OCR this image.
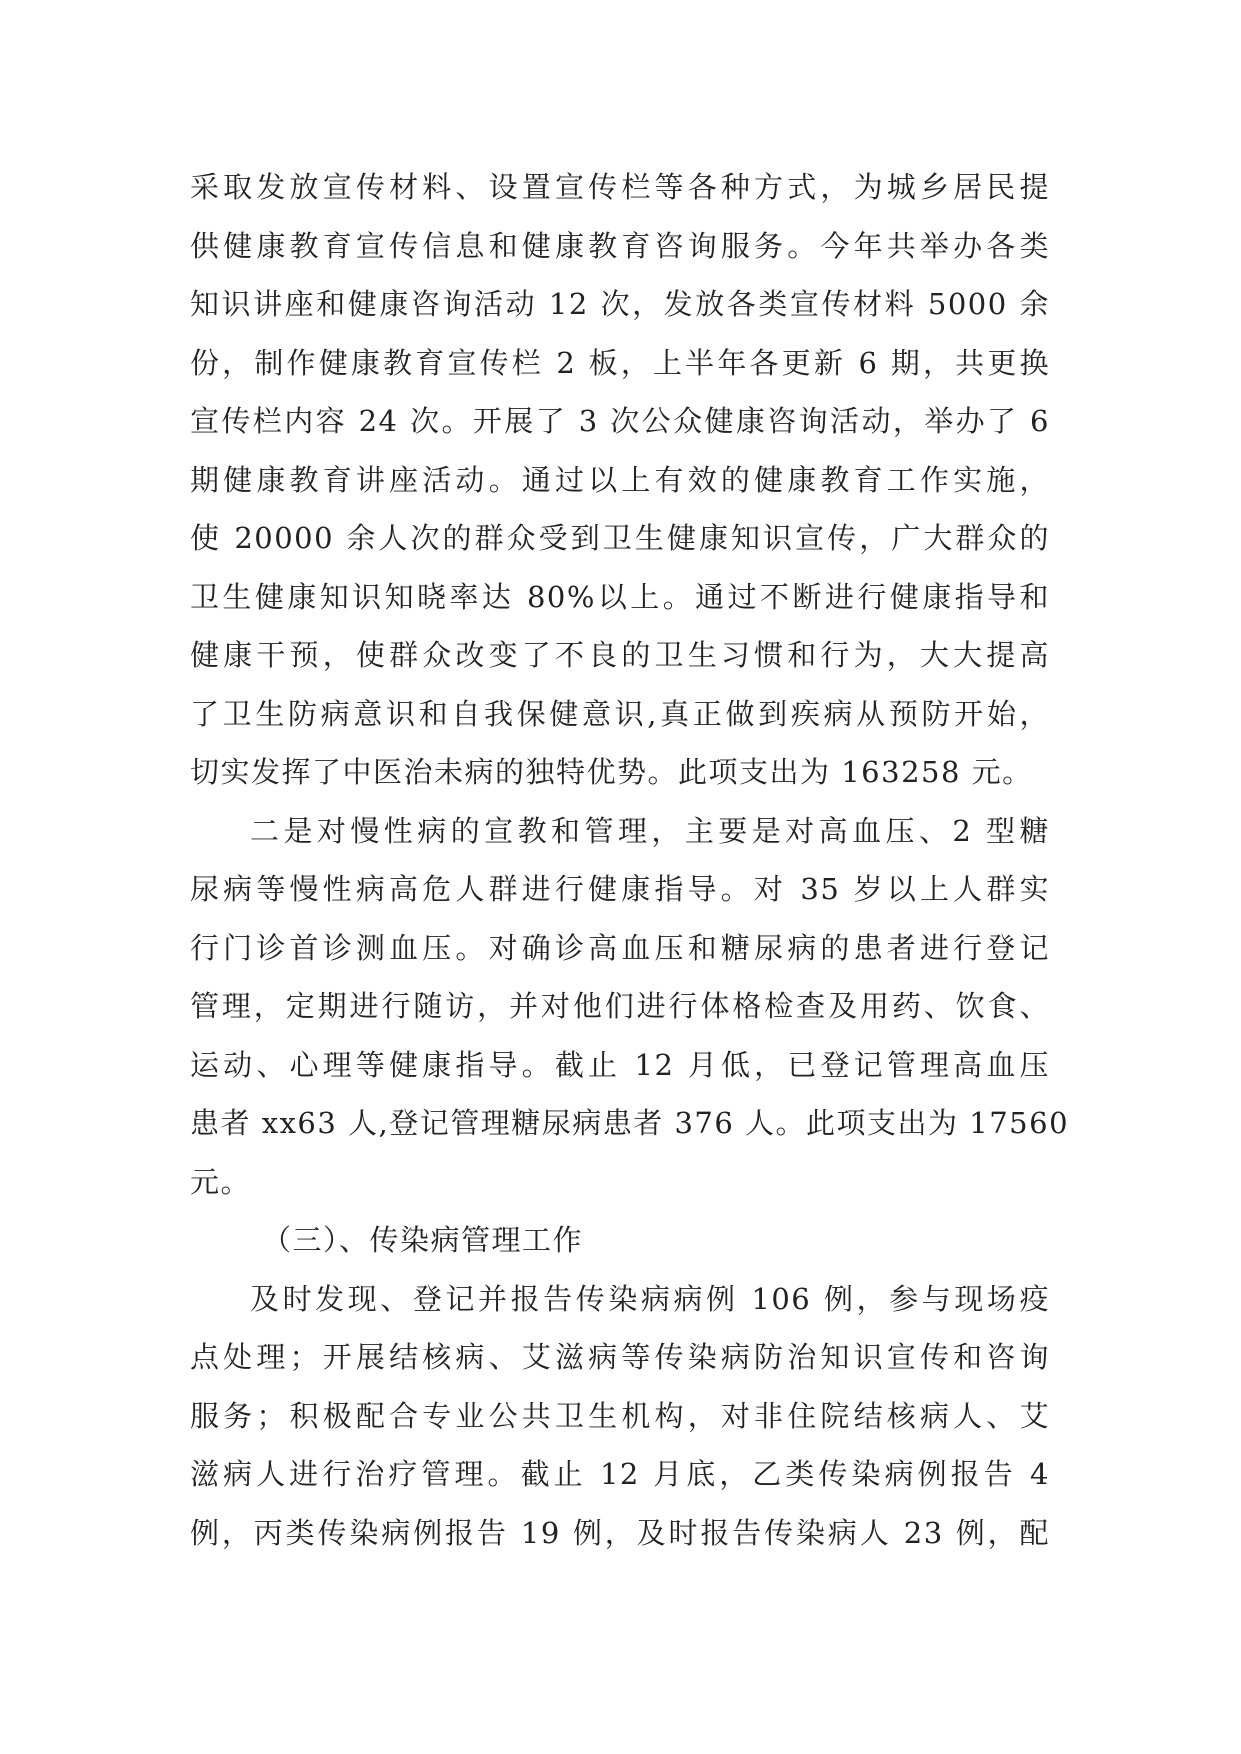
采取发放宣传材料、设置宣传栏等各种方式，为城乡居民提
供健康教育宣传信息和健康教育咨询服务。今年共举办各类
知识讲座和健康咨询活动 12 次，发放各类宣传材料 5000 余
份，制作健康教育宣传栏 2 板，上半年各更新 6 期，共更换
宣传栏内容 24 次。开展了 3 次公众健康咨询活动，举办了 6
期健康教育讲座活动。通过以上有效的健康教育工作实施，
使 20000 余人次的群众受到卫生健康知识宣传，广大群众的
卫生健康知识知晓率达 80%以上。通过不断进行健康指导和
健康干预，使群众改变了不良的卫生习惯和行为，大大提高
了卫生防病意识和自我保健意识,真正做到疾病从预防开始，
切实发挥了中医治未病的独特优势。此项支出为 163258 元。
二是对慢性病的宣教和管理，主要是对高血压、2 型糖
尿病等慢性病高危人群进行健康指导。对 35 岁以上人群实
行门诊首诊测血压。对确诊高血压和糖尿病的患者进行登记
管理，定期进行随访，并对他们进行体格检查及用药、饮食、
运动、心理等健康指导。截止 12 月低，已登记管理高血压
患者 xx63 人,登记管理糖尿病患者 376 人。此项支出为 17560
元。
（三）、传染病管理工作
及时发现、登记并报告传染病病例 106 例，参与现场疫
点处理；开展结核病、艾滋病等传染病防治知识宣传和咨询
服务；积极配合专业公共卫生机构，对非住院结核病人、艾
滋病人进行治疗管理。截止 12 月底，乙类传染病例报告 4
例，丙类传染病例报告 19 例，及时报告传染病人 23 例，配
